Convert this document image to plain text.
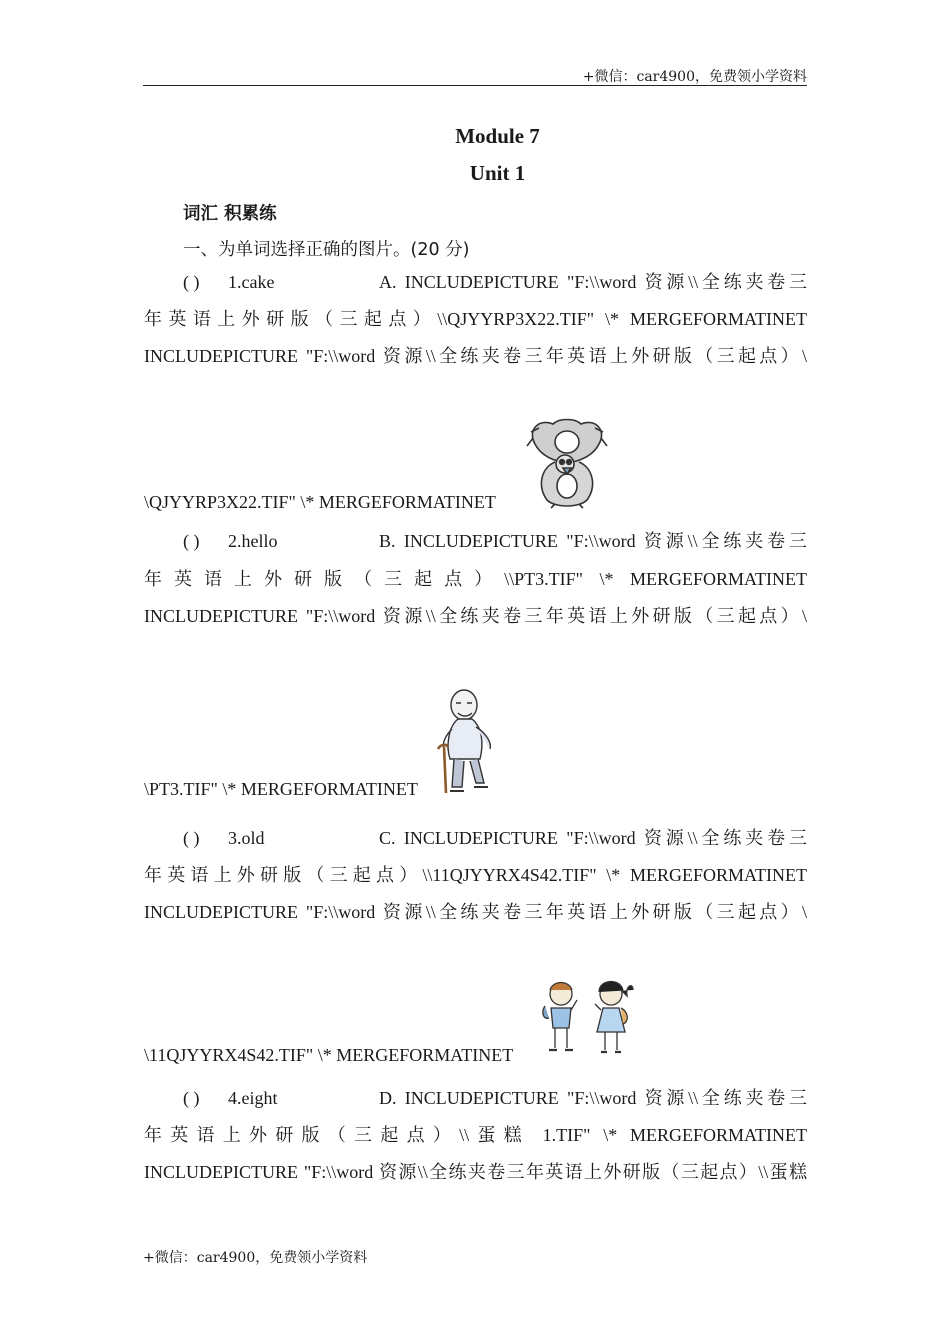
+微信：car4900，免费领小学资料
Module 7
Unit 1
词汇 积累练
一、为单词选择正确的图片。(20 分)
( ) 1.cake	A. INCLUDEPICTURE "F:\\word 资源\\全练夹卷三
年英语上外研版（三起点）\\QJYYRP3X22.TIF" \* MERGEFORMATINET
INCLUDEPICTURE "F:\\word 资源\\全练夹卷三年英语上外研版（三起点）\
\QJYYRP3X22.TIF" \* MERGEFORMATINET
( ) 2.hello	B. INCLUDEPICTURE "F:\\word 资源\\全练夹卷三
年英语上外研版（三起点）\\PT3.TIF" \* MERGEFORMATINET
INCLUDEPICTURE "F:\\word 资源\\全练夹卷三年英语上外研版（三起点）\
\PT3.TIF" \* MERGEFORMATINET
( ) 3.old	C. INCLUDEPICTURE "F:\\word 资源\\全练夹卷三
年英语上外研版（三起点）\\11QJYYRX4S42.TIF" \* MERGEFORMATINET
INCLUDEPICTURE "F:\\word 资源\\全练夹卷三年英语上外研版（三起点）\
\11QJYYRX4S42.TIF" \* MERGEFORMATINET
( ) 4.eight	D. INCLUDEPICTURE "F:\\word 资源\\全练夹卷三
年英语上外研版（三起点）\\蛋糕 1.TIF" \* MERGEFORMATINET
INCLUDEPICTURE "F:\\word 资源\\全练夹卷三年英语上外研版（三起点）\\蛋糕
+微信：car4900，免费领小学资料
